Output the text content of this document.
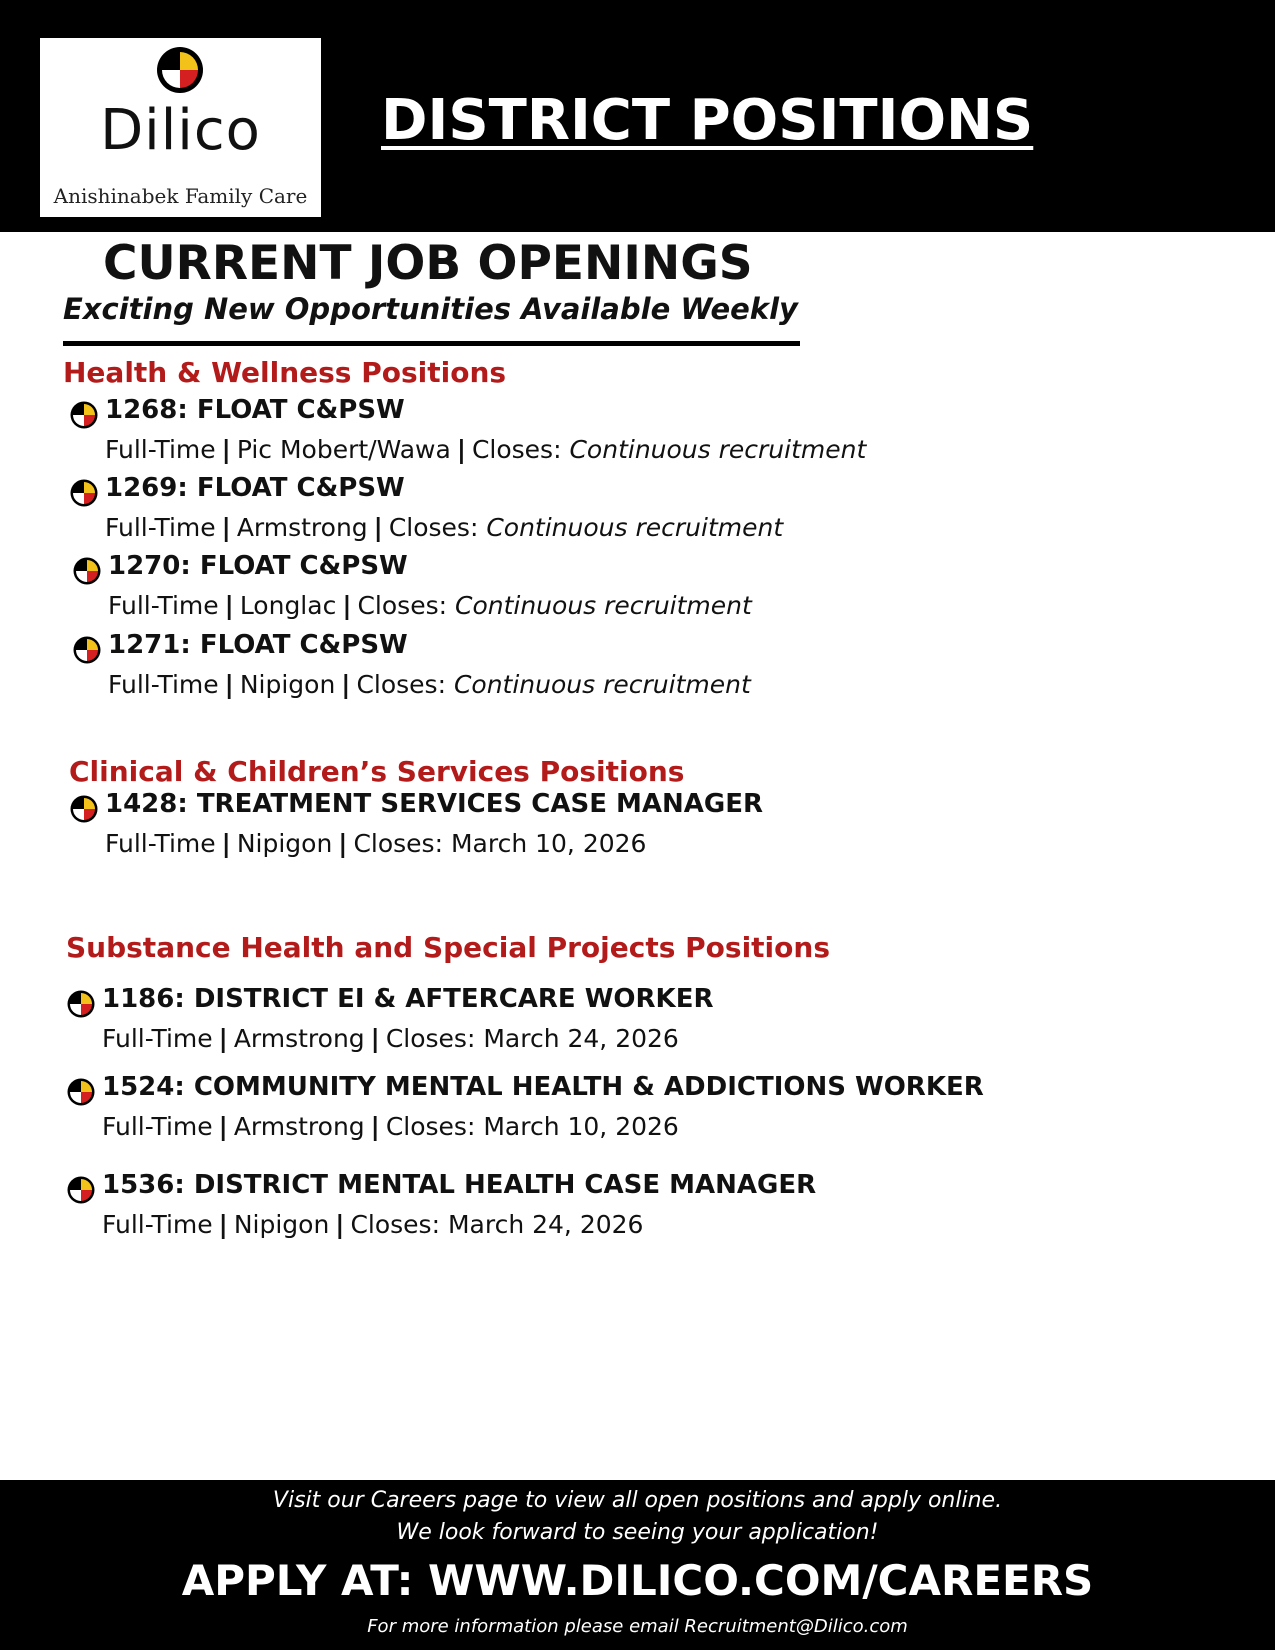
Dilico
Anishinabek Family Care
DISTRICT POSITIONS
CURRENT JOB OPENINGS
Exciting New Opportunities Available Weekly
Health & Wellness Positions
1268: FLOAT C&PSW
Full-Time | Pic Mobert/Wawa | Closes: Continuous recruitment
1269: FLOAT C&PSW
Full-Time | Armstrong | Closes: Continuous recruitment
1270: FLOAT C&PSW
Full-Time | Longlac | Closes: Continuous recruitment
1271: FLOAT C&PSW
Full-Time | Nipigon | Closes: Continuous recruitment
Clinical & Children’s Services Positions
1428: TREATMENT SERVICES CASE MANAGER
Full-Time | Nipigon | Closes: March 10, 2026
Substance Health and Special Projects Positions
1186: DISTRICT EI & AFTERCARE WORKER
Full-Time | Armstrong | Closes: March 24, 2026
1524: COMMUNITY MENTAL HEALTH & ADDICTIONS WORKER
Full-Time | Armstrong | Closes: March 10, 2026
1536: DISTRICT MENTAL HEALTH CASE MANAGER
Full-Time | Nipigon | Closes: March 24, 2026
Visit our Careers page to view all open positions and apply online.
We look forward to seeing your application!
APPLY AT: WWW.DILICO.COM/CAREERS
For more information please email Recruitment@Dilico.com
